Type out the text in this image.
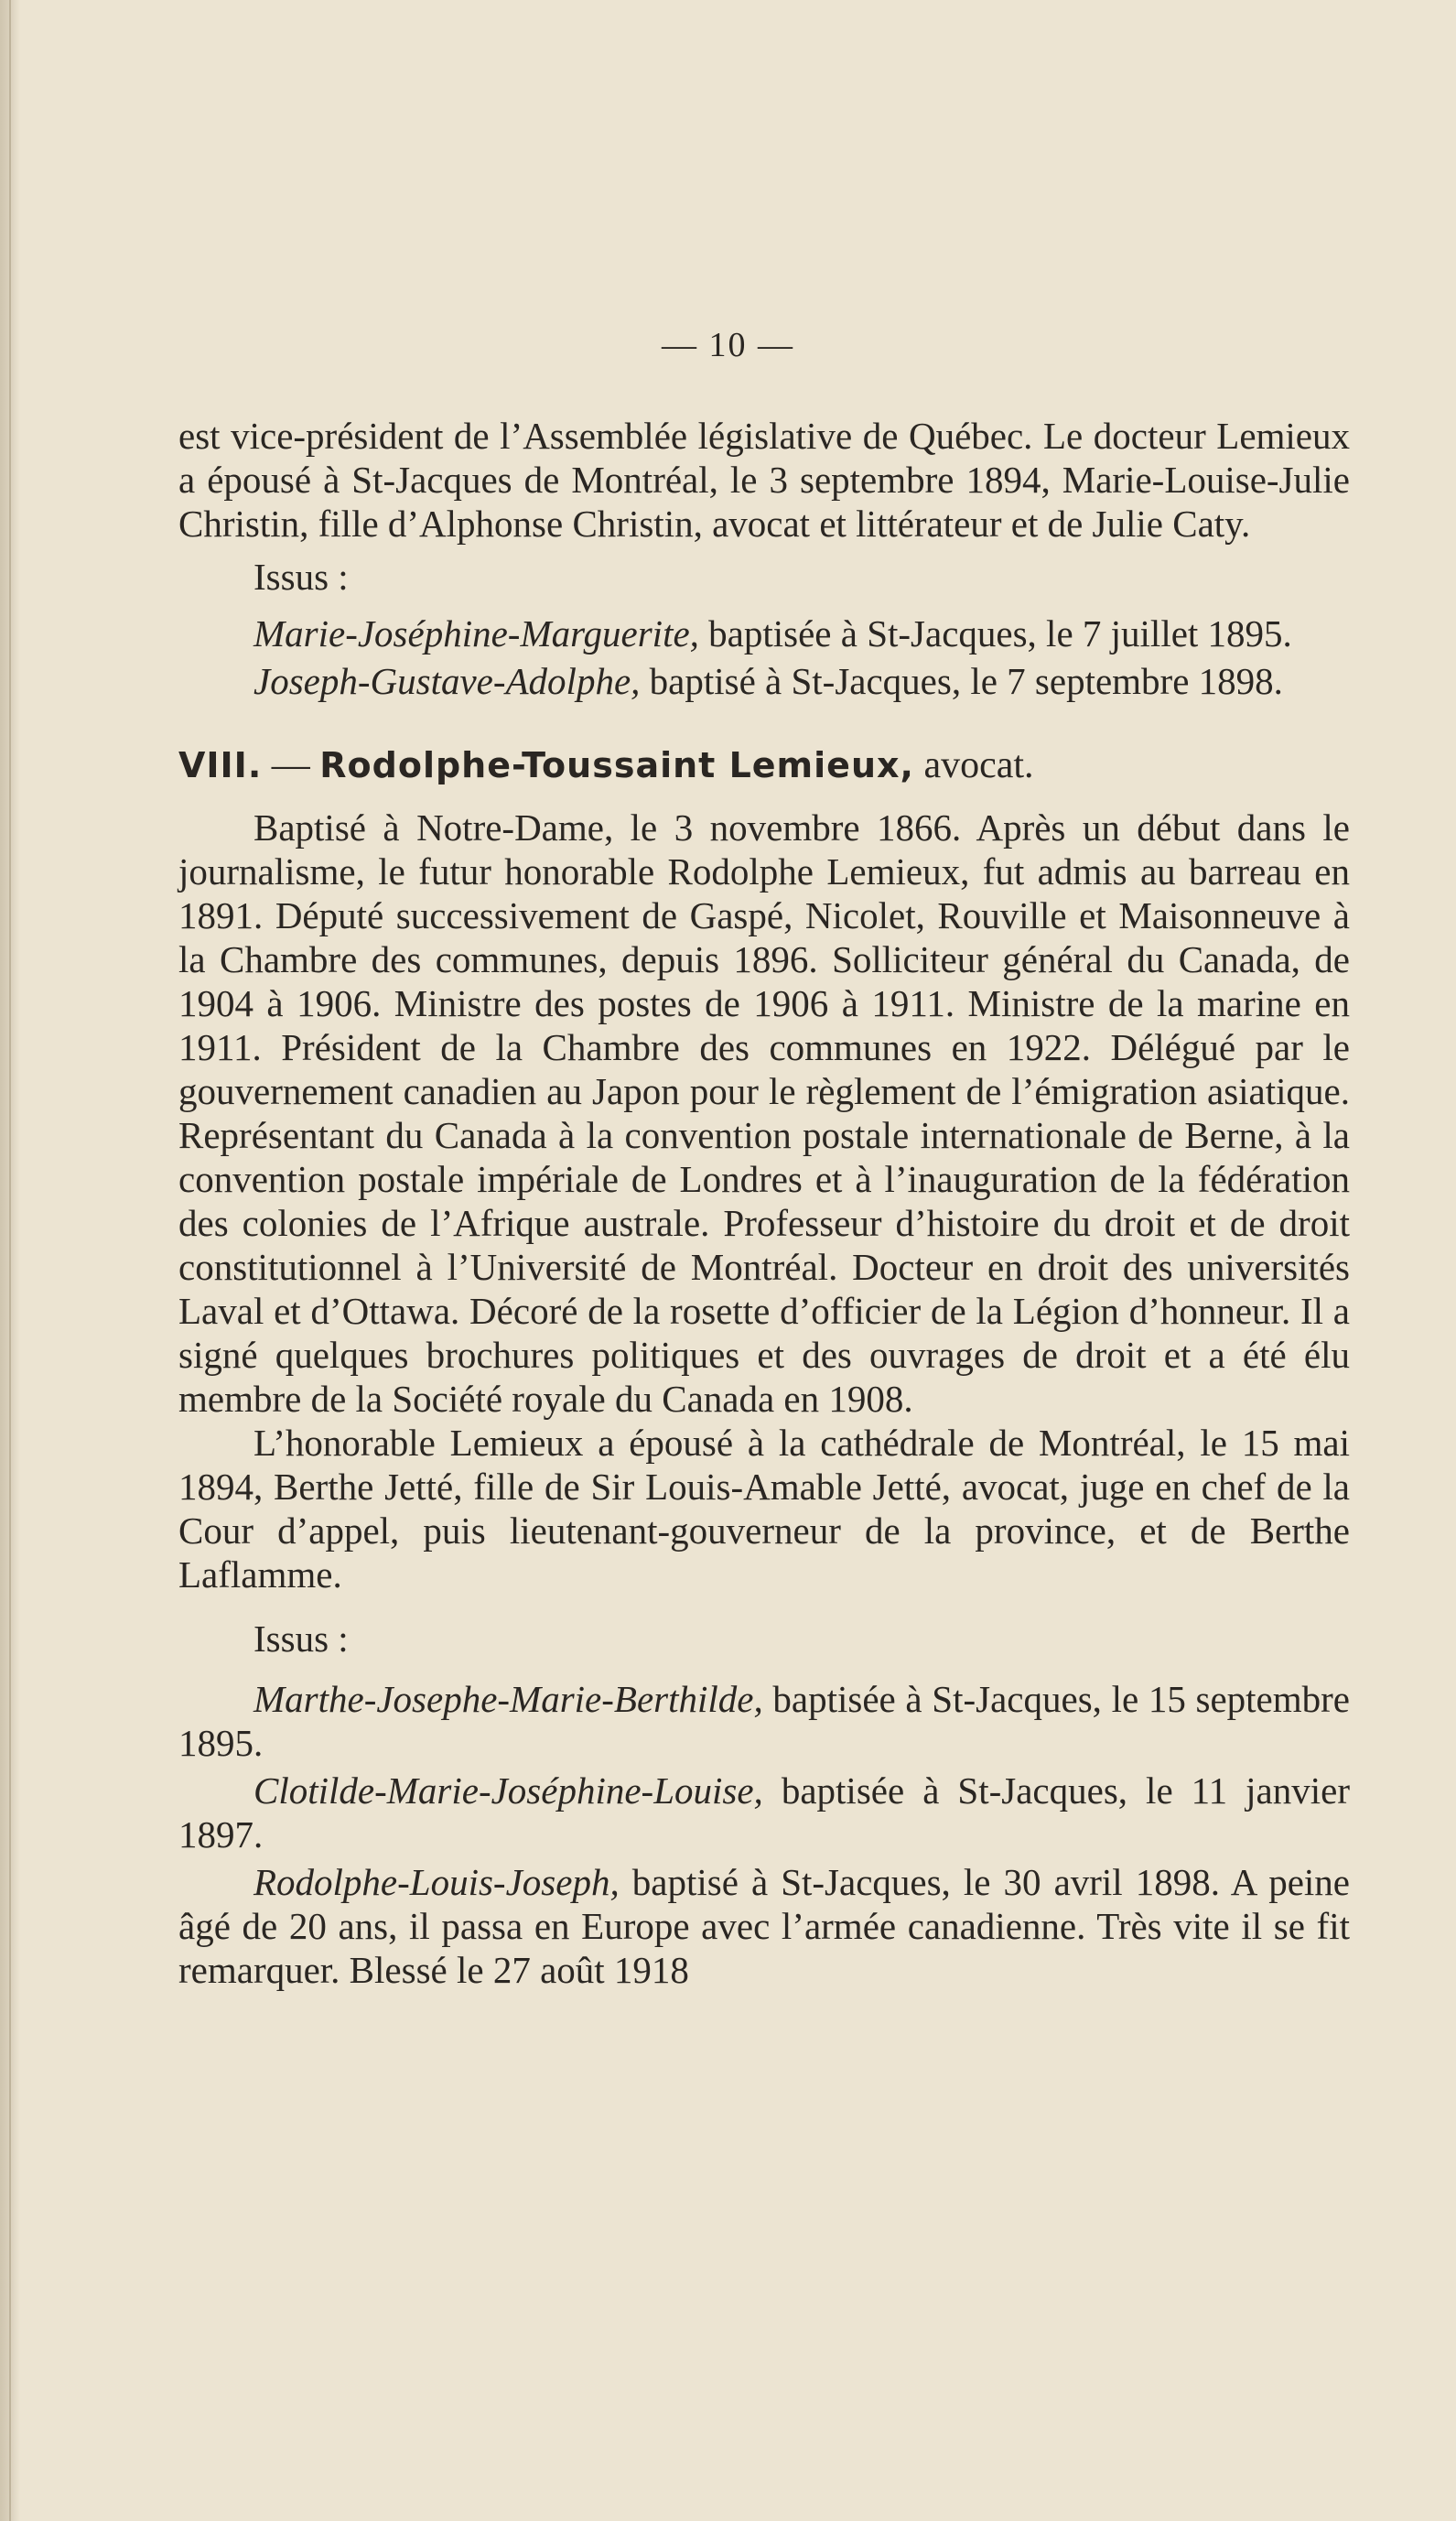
— 10 —

est vice-président de l’Assemblée législative de Québec. Le docteur Lemieux a épousé à St-Jacques de Montréal, le 3 septembre 1894, Marie-Louise-Julie Christin, fille d’Alphonse Christin, avocat et littérateur et de Julie Caty.

Issus :

Marie-Joséphine-Marguerite, baptisée à St-Jacques, le 7 juillet 1895.

Joseph-Gustave-Adolphe, baptisé à St-Jacques, le 7 septembre 1898.

VIII. — Rodolphe-Toussaint Lemieux, avocat.

Baptisé à Notre-Dame, le 3 novembre 1866. Après un début dans le journalisme, le futur honorable Rodolphe Lemieux, fut admis au barreau en 1891. Député successivement de Gaspé, Nicolet, Rouville et Maisonneuve à la Chambre des communes, depuis 1896. Solliciteur général du Canada, de 1904 à 1906. Ministre des postes de 1906 à 1911. Ministre de la marine en 1911. Président de la Chambre des communes en 1922. Délégué par le gouvernement canadien au Japon pour le règlement de l’émigration asiatique. Représentant du Canada à la convention postale internationale de Berne, à la convention postale impériale de Londres et à l’inauguration de la fédération des colonies de l’Afrique australe. Professeur d’histoire du droit et de droit constitutionnel à l’Université de Montréal. Docteur en droit des universités Laval et d’Ottawa. Décoré de la rosette d’officier de la Légion d’honneur. Il a signé quelques brochures politiques et des ouvrages de droit et a été élu membre de la Société royale du Canada en 1908.

L’honorable Lemieux a épousé à la cathédrale de Montréal, le 15 mai 1894, Berthe Jetté, fille de Sir Louis-Amable Jetté, avocat, juge en chef de la Cour d’appel, puis lieutenant-gouverneur de la province, et de Berthe Laflamme.

Issus :

Marthe-Josephe-Marie-Berthilde, baptisée à St-Jacques, le 15 septembre 1895.

Clotilde-Marie-Joséphine-Louise, baptisée à St-Jacques, le 11 janvier 1897.

Rodolphe-Louis-Joseph, baptisé à St-Jacques, le 30 avril 1898. A peine âgé de 20 ans, il passa en Europe avec l’armée canadienne. Très vite il se fit remarquer. Blessé le 27 août 1918
